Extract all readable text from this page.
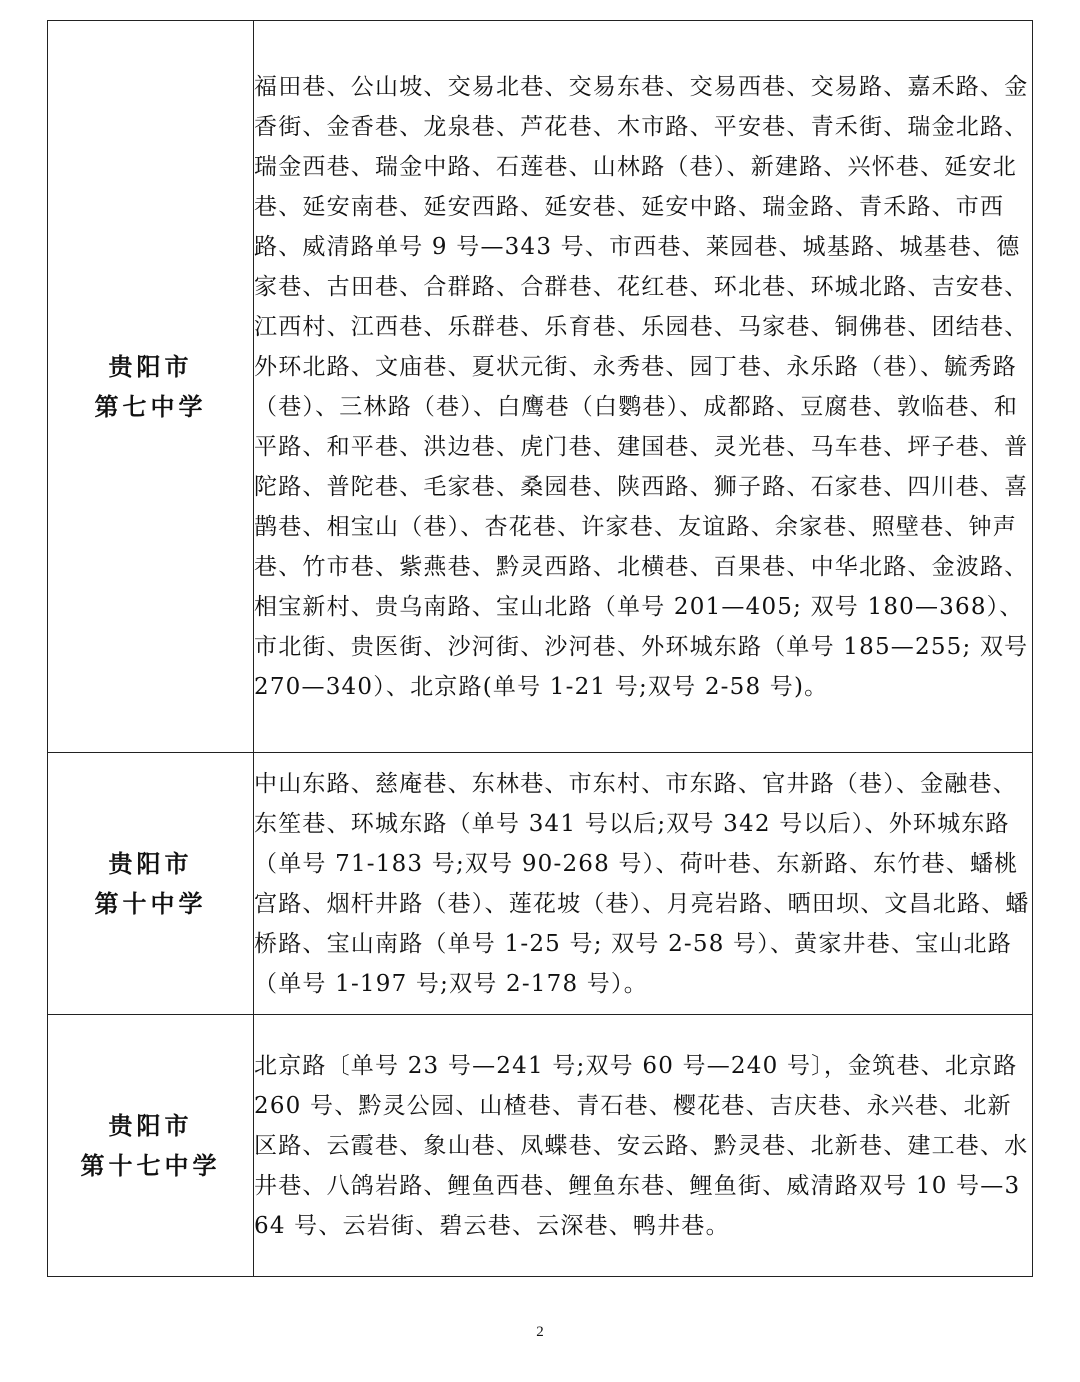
贵阳市
第七中学	福田巷、公山坡、交易北巷、交易东巷、交易西巷、交易路、嘉禾路、金香街、金香巷、龙泉巷、芦花巷、木市路、平安巷、青禾街、瑞金北路、瑞金西巷、瑞金中路、石莲巷、山林路（巷）、新建路、兴怀巷、延安北巷、延安南巷、延安西路、延安巷、延安中路、瑞金路、青禾路、市西路、威清路单号 9 号—343 号、市西巷、莱园巷、城基路、城基巷、德家巷、古田巷、合群路、合群巷、花红巷、环北巷、环城北路、吉安巷、江西村、江西巷、乐群巷、乐育巷、乐园巷、马家巷、铜佛巷、团结巷、外环北路、文庙巷、夏状元街、永秀巷、园丁巷、永乐路（巷）、毓秀路（巷）、三林路（巷）、白鹰巷（白鹦巷）、成都路、豆腐巷、敦临巷、和平路、和平巷、洪边巷、虎门巷、建国巷、灵光巷、马车巷、坪子巷、普陀路、普陀巷、毛家巷、桑园巷、陕西路、狮子路、石家巷、四川巷、喜鹊巷、相宝山（巷）、杏花巷、许家巷、友谊路、余家巷、照壁巷、钟声巷、竹市巷、紫燕巷、黔灵西路、北横巷、百果巷、中华北路、金波路、相宝新村、贵乌南路、宝山北路（单号 201—405; 双号 180—368）、市北街、贵医街、沙河街、沙河巷、外环城东路（单号 185—255; 双号 270—340）、北京路(单号 1-21 号;双号 2-58 号)。

贵阳市
第十中学	中山东路、慈庵巷、东林巷、市东村、市东路、官井路（巷）、金融巷、东笙巷、环城东路（单号 341 号以后;双号 342 号以后）、外环城东路（单号 71-183 号;双号 90-268 号）、荷叶巷、东新路、东竹巷、蟠桃宫路、烟杆井路（巷）、莲花坡（巷）、月亮岩路、晒田坝、文昌北路、蟠桥路、宝山南路（单号 1-25 号; 双号 2-58 号）、黄家井巷、宝山北路（单号 1-197 号;双号 2-178 号）。

贵阳市
第十七中学	北京路〔单号 23 号—241 号;双号 60 号—240 号〕，金筑巷、北京路 260 号、黔灵公园、山楂巷、青石巷、樱花巷、吉庆巷、永兴巷、北新区路、云霞巷、象山巷、凤蝶巷、安云路、黔灵巷、北新巷、建工巷、水井巷、八鸽岩路、鲤鱼西巷、鲤鱼东巷、鲤鱼街、威清路双号 10 号—364 号、云岩街、碧云巷、云深巷、鸭井巷。
2
